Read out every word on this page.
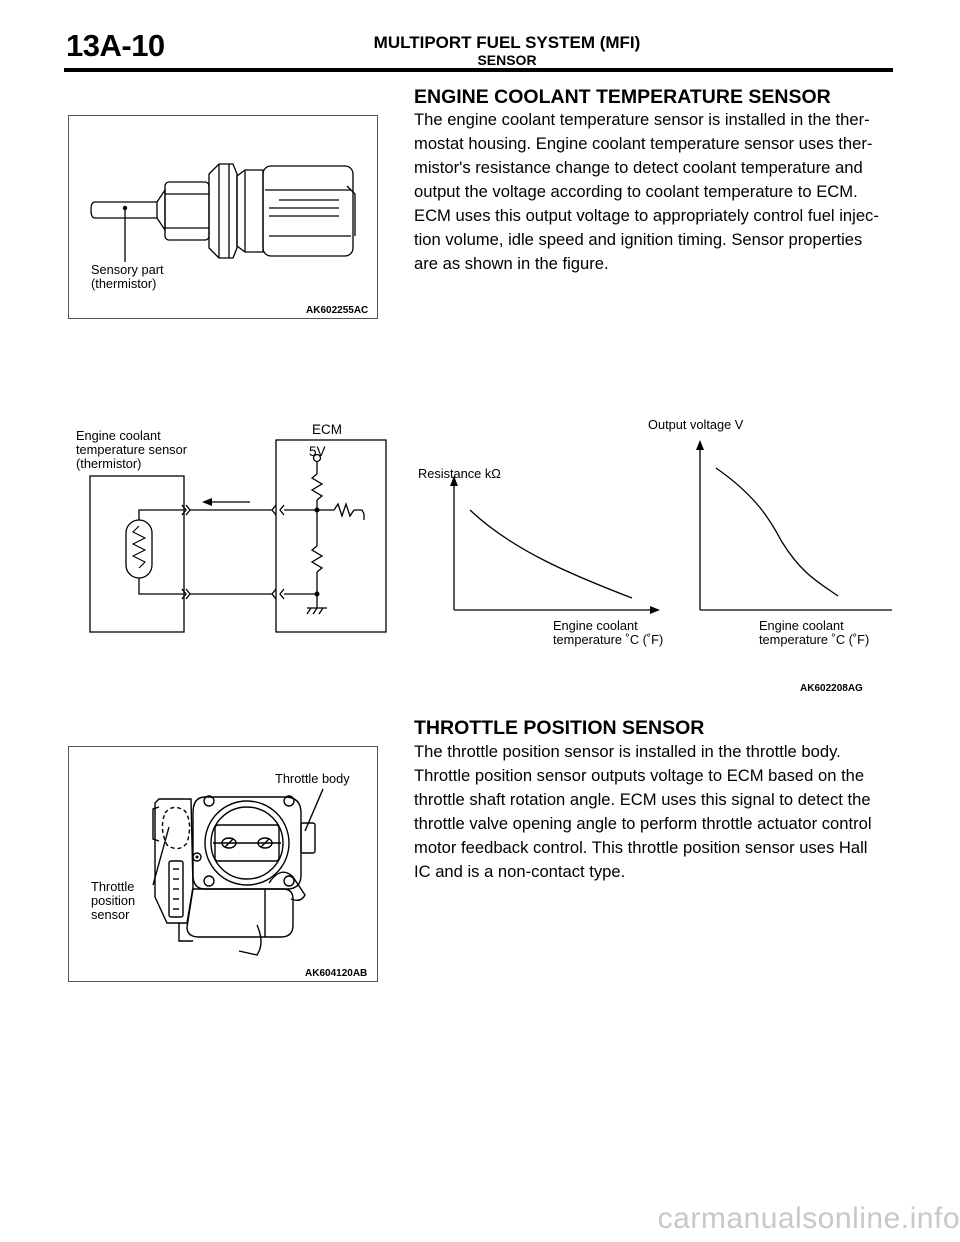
13A-10	MULTIPORT FUEL SYSTEM (MFI)
SENSOR
ENGINE COOLANT TEMPERATURE SENSOR
The engine coolant temperature sensor is installed in the ther-
mostat housing. Engine coolant temperature sensor uses ther-
mistor's resistance change to detect coolant temperature and
output the voltage according to coolant temperature to ECM.
ECM uses this output voltage to appropriately control fuel injec-
tion volume, idle speed and ignition timing. Sensor properties
are as shown in the figure.
Sensory part
(thermistor)
AK602255AC
Engine coolant
temperature sensor
(thermistor)
ECM
5V
Resistance kΩ
Output voltage V
Engine coolant
temperature ˚C (˚F)
Engine coolant
temperature ˚C (˚F)
AK602208AG
THROTTLE POSITION SENSOR
The throttle position sensor is installed in the throttle body.
Throttle position sensor outputs voltage to ECM based on the
throttle shaft rotation angle. ECM uses this signal to detect the
throttle valve opening angle to perform throttle actuator control
motor feedback control. This throttle position sensor uses Hall
IC and is a non-contact type.
Throttle body
Throttle
position
sensor
AK604120AB
carmanualsonline.info
